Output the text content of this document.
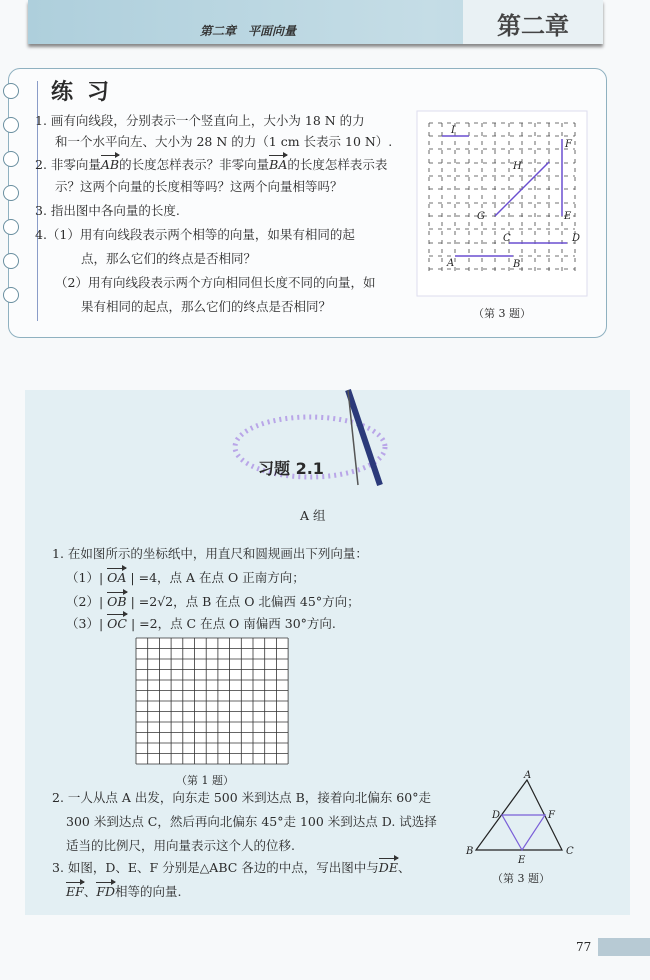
第二章　平面向量	第二章
练习
1. 画有向线段，分别表示一个竖直向上，大小为 18 N 的力
和一个水平向左、大小为 28 N 的力（1 cm 长表示 10 N）.
2. 非零向量AB的长度怎样表示？非零向量BA的长度怎样表示表
示？这两个向量的长度相等吗？这两个向量相等吗？
3. 指出图中各向量的长度.
4.（1）用有向线段表示两个相等的向量，如果有相同的起
点，那么它们的终点是否相同？
（2）用有向线段表示两个方向相同但长度不同的向量，如
果有相同的起点，那么它们的终点是否相同？
I
F
H
G	E
C	D
A	B
（第 3 题）
习题 2.1
A 组
1. 在如图所示的坐标纸中，用直尺和圆规画出下列向量：
（1）| OA | =4，点 A 在点 O 正南方向；
（2）| OB | =2√2，点 B 在点 O 北偏西 45°方向；
（3）| OC | =2，点 C 在点 O 南偏西 30°方向.
（第 1 题）
2. 一人从点 A 出发，向东走 500 米到达点 B，接着向北偏东 60°走
300 米到达点 C，然后再向北偏东 45°走 100 米到达点 D. 试选择
适当的比例尺，用向量表示这个人的位移.
3. 如图，D、E、F 分别是△ABC 各边的中点，写出图中与DE、
EF、FD相等的向量.
A
B	C
D
E
F
（第 3 题）
77
